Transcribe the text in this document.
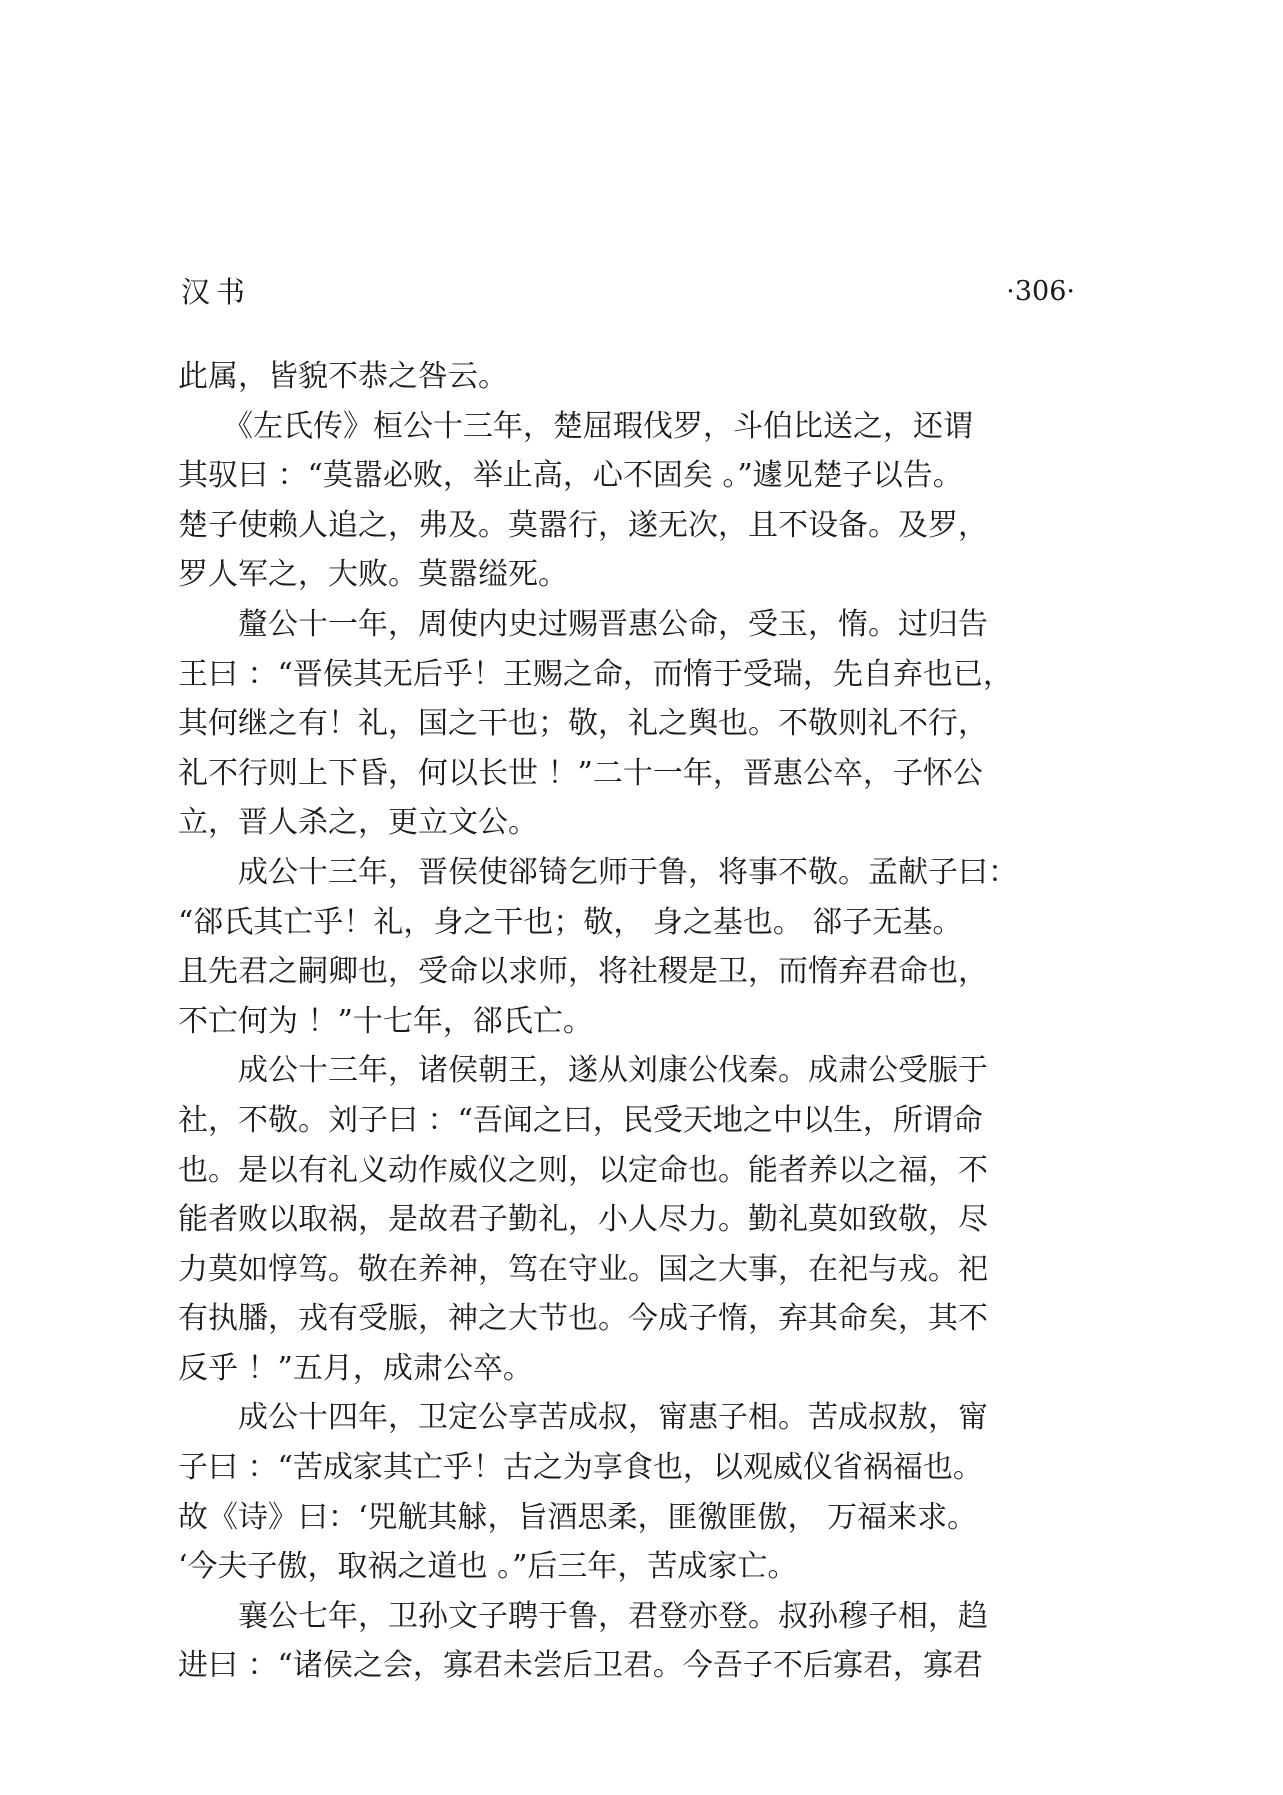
汉书	·306·
此属，皆貌不恭之咎云。
　　《左氏传》桓公十三年，楚屈瑕伐罗，斗伯比送之，还谓
其驭曰 ：“莫嚣必败，举止高，心不固矣 。”遽见楚子以告。
楚子使赖人追之，弗及。莫嚣行，遂无次，且不设备。及罗，
罗人军之，大败。莫嚣缢死。
　　釐公十一年，周使内史过赐晋惠公命，受玉，惰。过归告
王曰 ：“晋侯其无后乎！王赐之命，而惰于受瑞，先自弃也已，
其何继之有！礼，国之干也；敬，礼之舆也。不敬则礼不行，
礼不行则上下昏，何以长世 ！”二十一年，晋惠公卒，子怀公
立，晋人杀之，更立文公。
　　成公十三年，晋侯使郤锜乞师于鲁，将事不敬。孟献子曰：
“郤氏其亡乎！礼，身之干也；敬， 身之基也。 郤子无基。
且先君之嗣卿也，受命以求师，将社稷是卫，而惰弃君命也，
不亡何为 ！”十七年，郤氏亡。
　　成公十三年，诸侯朝王，遂从刘康公伐秦。成肃公受脤于
社，不敬。刘子曰 ：“吾闻之曰，民受天地之中以生，所谓命
也。是以有礼义动作威仪之则，以定命也。能者养以之福，不
能者败以取祸，是故君子勤礼，小人尽力。勤礼莫如致敬，尽
力莫如惇笃。敬在养神，笃在守业。国之大事，在祀与戎。祀
有执膰，戎有受脤，神之大节也。今成子惰，弃其命矣，其不
反乎 ！”五月，成肃公卒。
　　成公十四年，卫定公享苦成叔，甯惠子相。苦成叔敖，甯
子曰 ：“苦成家其亡乎！古之为享食也，以观威仪省祸福也。
故《诗》曰：‘兕觥其觩，旨酒思柔，匪徼匪傲， 万福来求。
‘今夫子傲，取祸之道也 。”后三年，苦成家亡。
　　襄公七年，卫孙文子聘于鲁，君登亦登。叔孙穆子相，趋
进曰 ：“诸侯之会，寡君未尝后卫君。今吾子不后寡君，寡君
